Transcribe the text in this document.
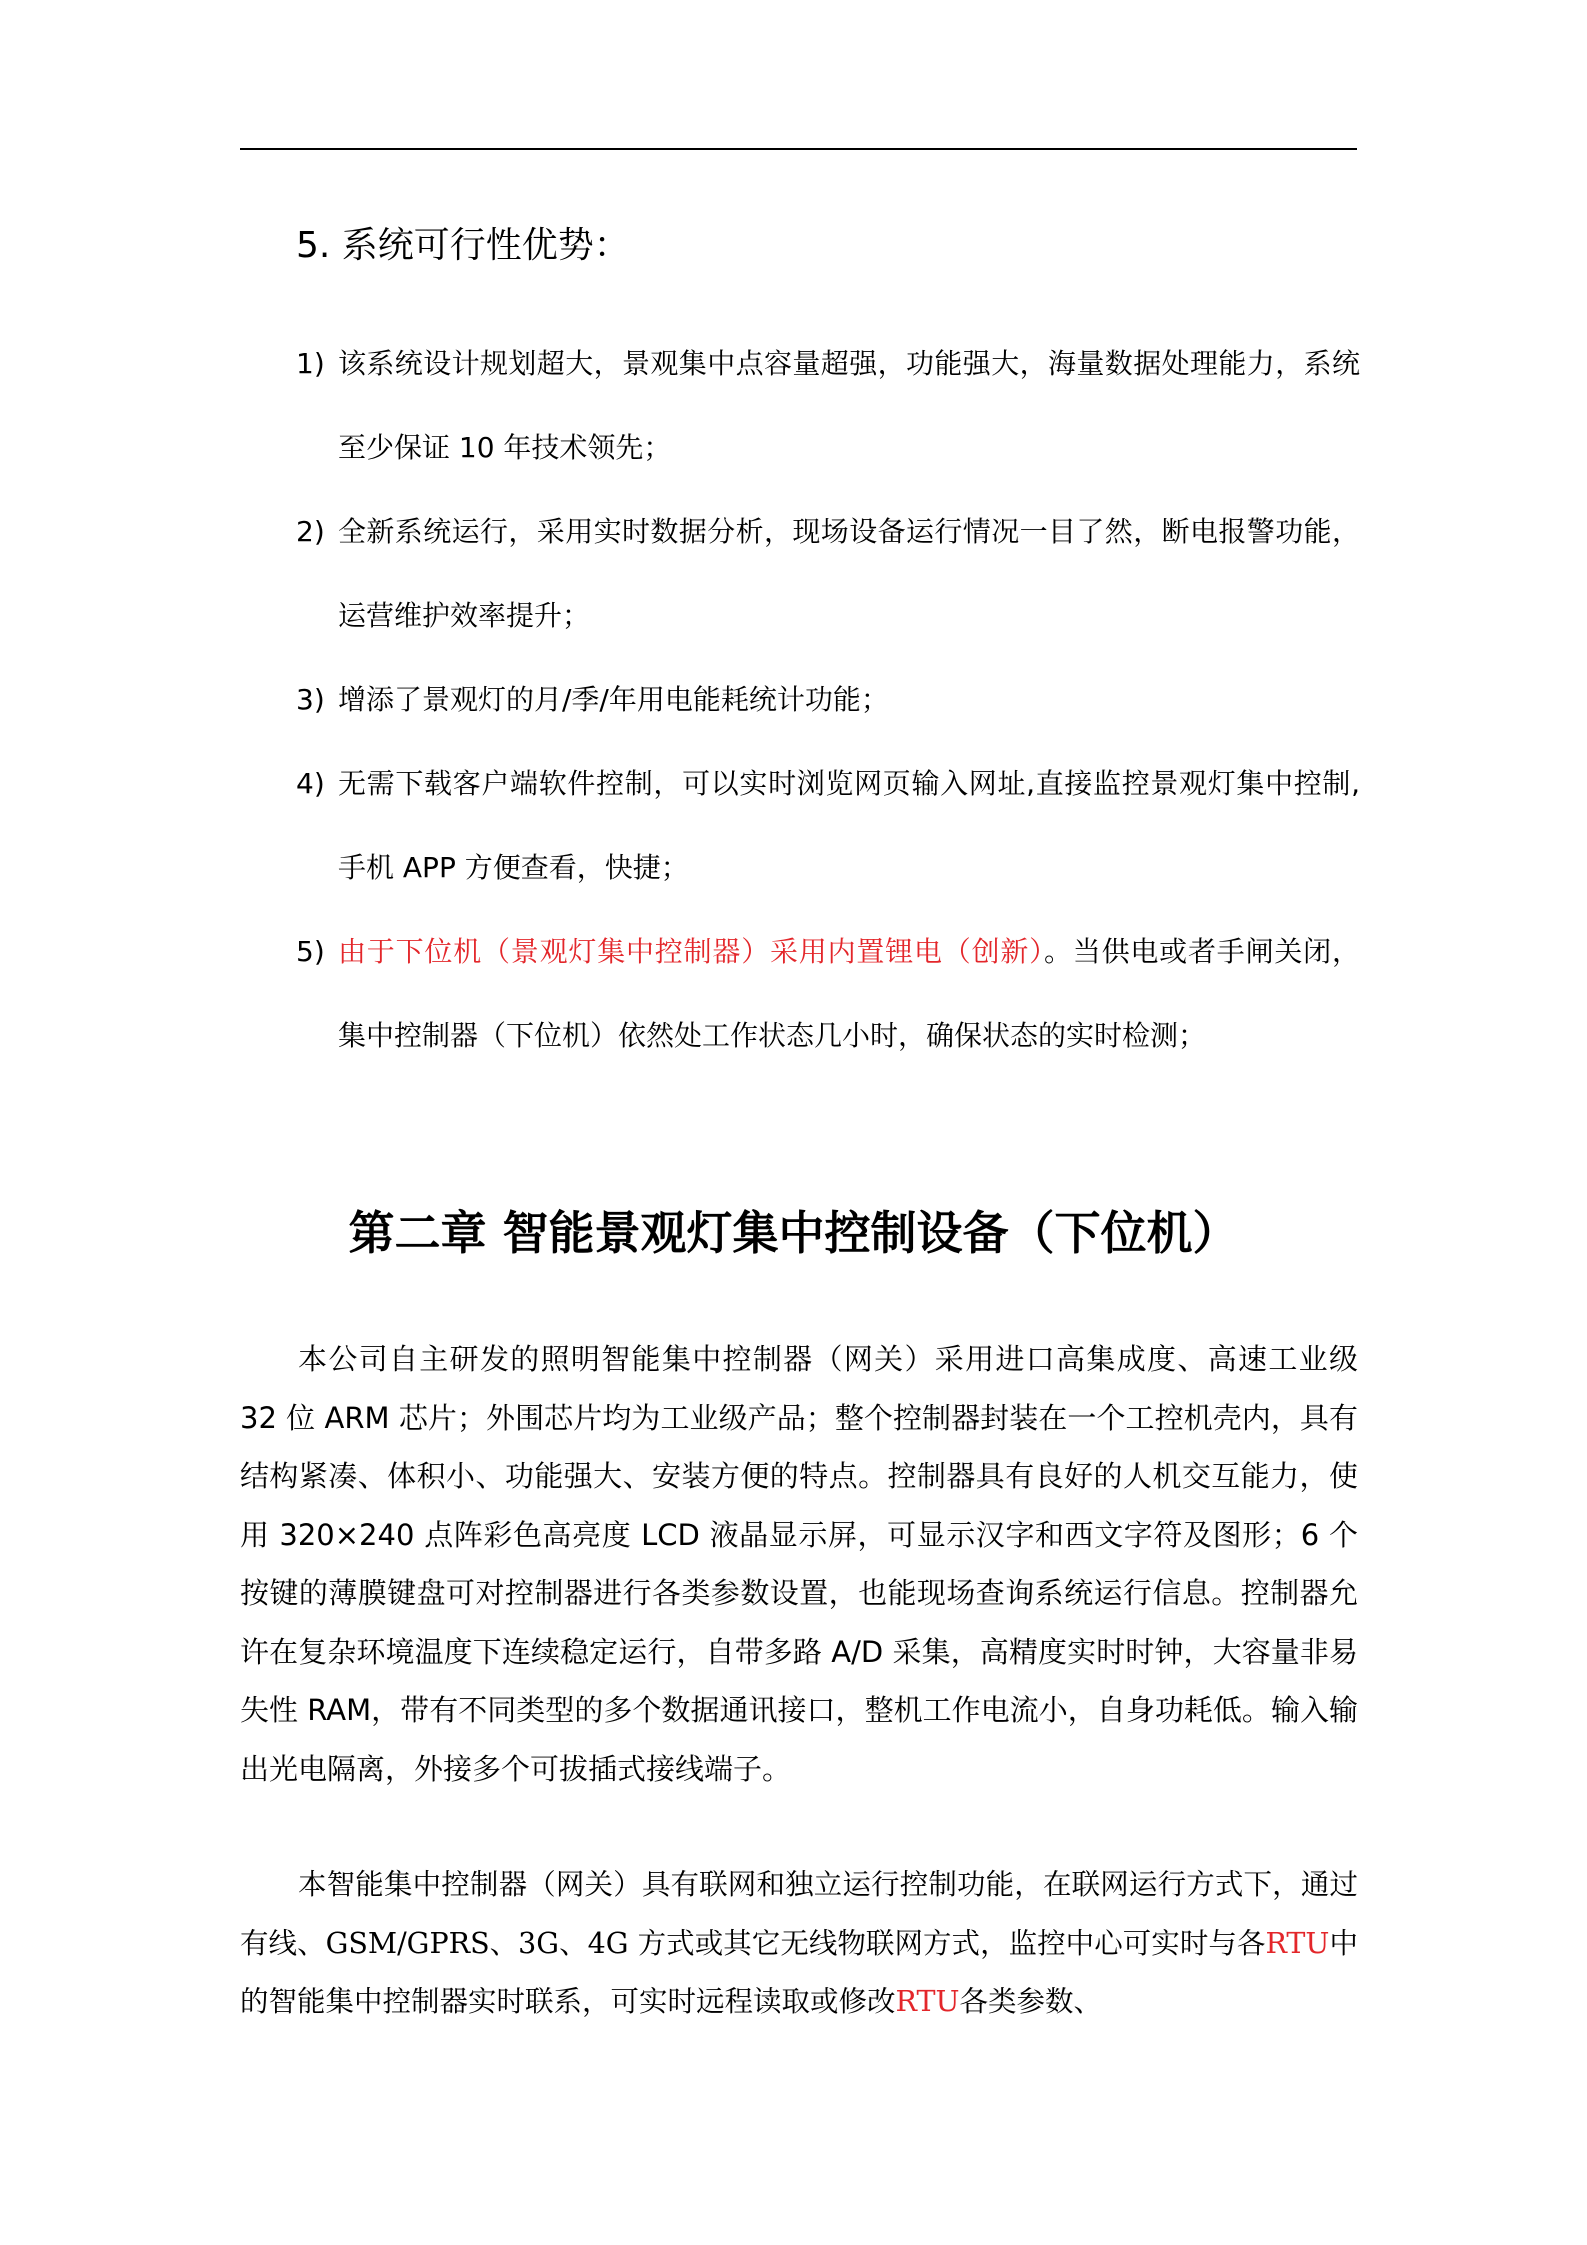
5. 系统可行性优势：
1) 该系统设计规划超大，景观集中点容量超强，功能强大，海量数据处理能力，系统至少保证 10 年技术领先；
2) 全新系统运行，采用实时数据分析，现场设备运行情况一目了然，断电报警功能，运营维护效率提升；
3) 增添了景观灯的月/季/年用电能耗统计功能；
4) 无需下载客户端软件控制，可以实时浏览网页输入网址,直接监控景观灯集中控制,手机 APP 方便查看，快捷；
5) 由于下位机（景观灯集中控制器）采用内置锂电（创新）。当供电或者手闸关闭，集中控制器（下位机）依然处工作状态几小时，确保状态的实时检测；
第二章 智能景观灯集中控制设备（下位机）

本公司自主研发的照明智能集中控制器（网关）采用进口高集成度、高速工业级 32 位 ARM 芯片；外围芯片均为工业级产品；整个控制器封装在一个工控机壳内，具有结构紧凑、体积小、功能强大、安装方便的特点。控制器具有良好的人机交互能力，使用 320×240 点阵彩色高亮度 LCD 液晶显示屏，可显示汉字和西文字符及图形；6 个按键的薄膜键盘可对控制器进行各类参数设置，也能现场查询系统运行信息。控制器允许在复杂环境温度下连续稳定运行，自带多路 A/D 采集，高精度实时时钟，大容量非易失性 RAM，带有不同类型的多个数据通讯接口，整机工作电流小，自身功耗低。输入输出光电隔离，外接多个可拔插式接线端子。

本智能集中控制器（网关）具有联网和独立运行控制功能，在联网运行方式下，通过有线、GSM/GPRS、3G、4G 方式或其它无线物联网方式，监控中心可实时与各RTU中的智能集中控制器实时联系，可实时远程读取或修改RTU各类参数、
